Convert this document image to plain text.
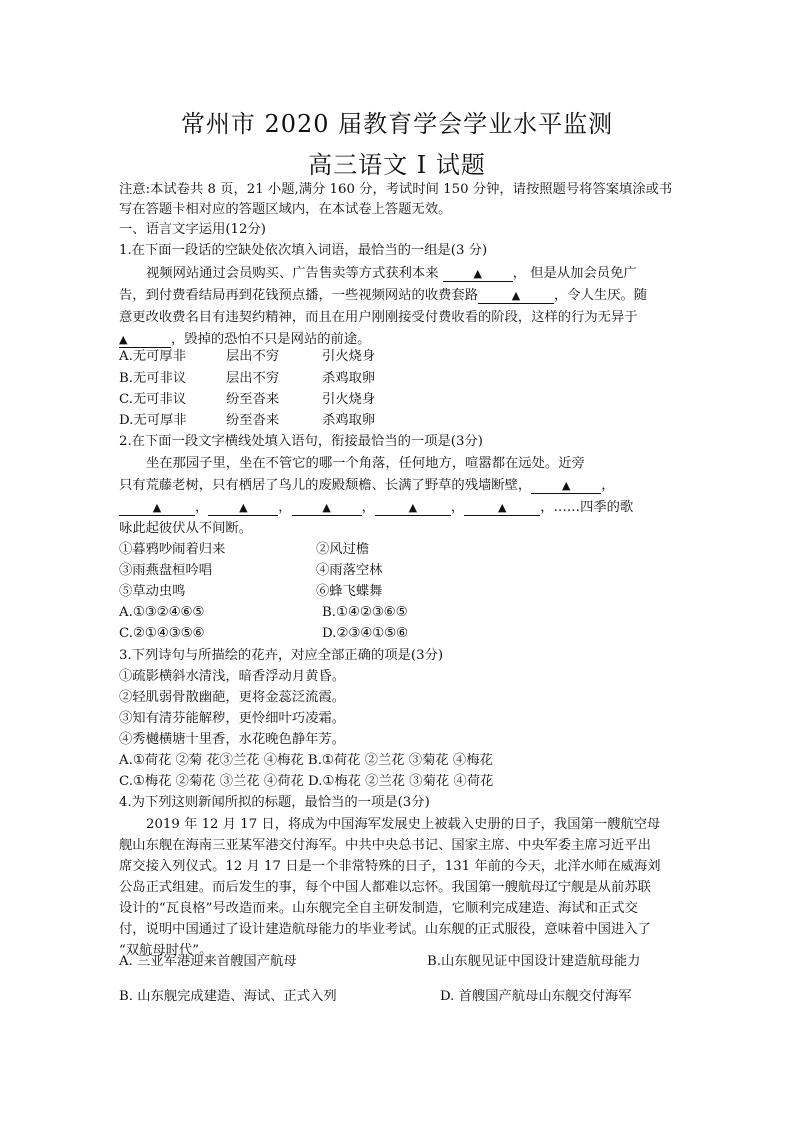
常州市 2020 届教育学会学业水平监测
高三语文 I 试题
注意:本试卷共 8 页，21 小题,满分 160 分，考试时间 150 分钟，请按照题号将答案填涂或书
写在答题卡相对应的答题区域内，在本试卷上答题无效。
一、语言文字运用(12分)
1.在下面一段话的空缺处依次填入词语，最恰当的一组是(3 分)
视频网站通过会员购买、广告售卖等方式获利本来	▲ ， 但是从加会员免广
告，到付费看结局再到花钱预点播，一些视频网站的收费套路	▲	，令人生厌。随
意更改收费名目有违契约精神，而且在用户刚刚接受付费收看的阶段，这样的行为无异于
▲	，毁掉的恐怕不只是网站的前途。
A.无可厚非	层出不穷	引火烧身
B.无可非议	层出不穷	杀鸡取卵
C.无可非议	纷至沓来	引火烧身
D.无可厚非	纷至沓来	杀鸡取卵
2.在下面一段文字横线处填入语句，衔接最恰当的一项是(3分)
坐在那园子里，坐在不管它的哪一个角落，任何地方，喧嚣都在远处。近旁
只有荒藤老树，只有栖居了鸟儿的废殿颓檐、长满了野草的残墙断壁，	▲ ，
▲	，	▲ ，	▲ ，	▲	，	▲	，……四季的歌
咏此起彼伏从不间断。
①暮鸦吵闹着归来	②风过檐
③雨燕盘桓吟唱	④雨落空林
⑤草动虫鸣	⑥蜂飞蝶舞
A.①③②④⑥⑤	B.①④②③⑥⑤
C.②①④③⑤⑥	D.②③④①⑤⑥
3.下列诗句与所描绘的花卉，对应全部正确的项是(3分)
①疏影横斜水清浅，暗香浮动月黄昏。
②轻肌弱骨散幽葩，更将金蕊泛流霞。
③知有清芬能解秽，更怜细叶巧凌霜。
④秀樾横塘十里香，水花晚色静年芳。
A.①荷花 ②菊 花③兰花 ④梅花 B.①荷花 ②兰花 ③菊花 ④梅花
C.①梅花 ②菊花 ③兰花 ④荷花 D.①梅花 ②兰花 ③菊花 ④荷花
4.为下列这则新闻所拟的标题，最恰当的一项是(3分)
2019 年 12 月 17 日，将成为中国海军发展史上被载入史册的日子，我国第一艘航空母
舰山东舰在海南三亚某军港交付海军。中共中央总书记、国家主席、中央军委主席习近平出
席交接入列仪式。12 月 17 日是一个非常特殊的日子，131 年前的今天，北洋水师在威海刘
公岛正式组建。而后发生的事，每个中国人都难以忘怀。我国第一艘航母辽宁舰是从前苏联
设计的“瓦良格”号改造而来。山东舰完全自主研发制造，它顺利完成建造、海试和正式交
付，说明中国通过了设计建造航母能力的毕业考试。山东舰的正式服役，意味着中国进入了
“双航母时代”。
A. 三亚军港迎来首艘国产航母	B.山东舰见证中国设计建造航母能力
B. 山东舰完成建造、海试、正式入列	D. 首艘国产航母山东舰交付海军
